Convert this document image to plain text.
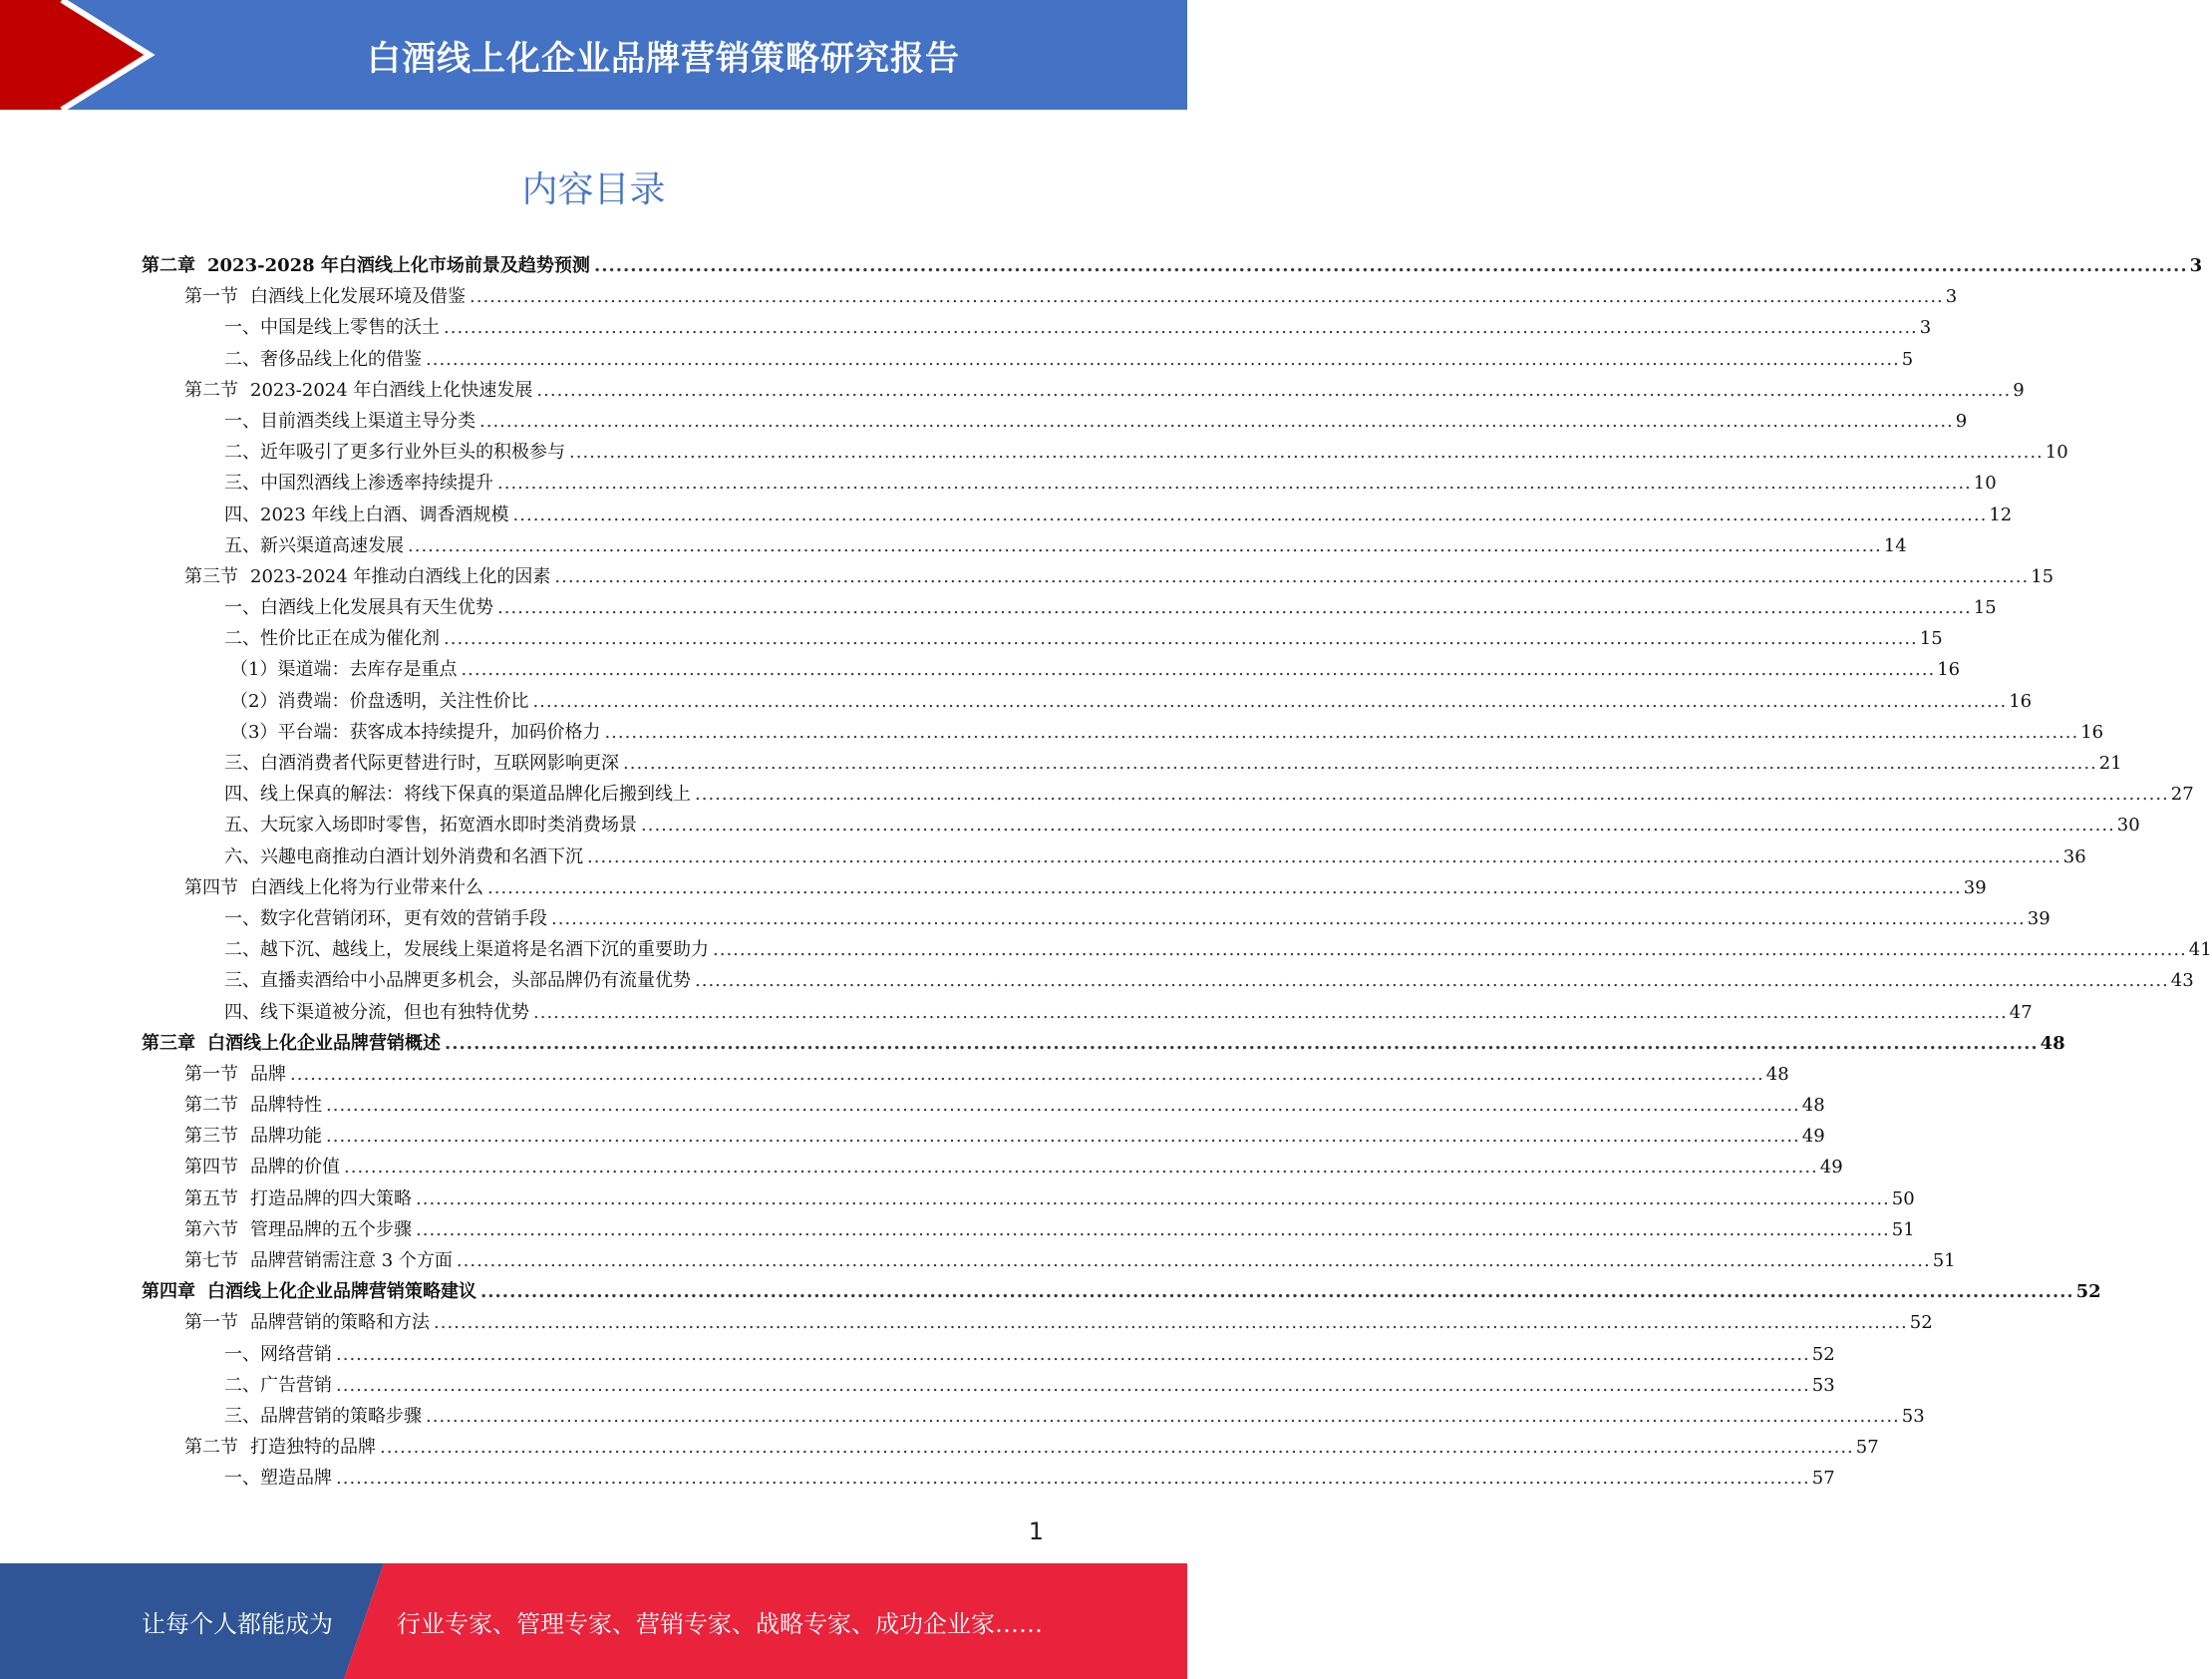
白酒线上化企业品牌营销策略研究报告
内容目录
第二章 2023-2028 年白酒线上化市场前景及趋势预测 ............................................................................................................................................................................................................................ 3
第一节 白酒线上化发展环境及借鉴 ............................................................................................................................................................................................................................ 3
一、中国是线上零售的沃土 ............................................................................................................................................................................................................................ 3
二、奢侈品线上化的借鉴 ............................................................................................................................................................................................................................ 5
第二节 2023-2024 年白酒线上化快速发展 ............................................................................................................................................................................................................................ 9
一、目前酒类线上渠道主导分类 ............................................................................................................................................................................................................................ 9
二、近年吸引了更多行业外巨头的积极参与 ............................................................................................................................................................................................................................ 10
三、中国烈酒线上渗透率持续提升 ............................................................................................................................................................................................................................ 10
四、2023 年线上白酒、调香酒规模 ............................................................................................................................................................................................................................ 12
五、新兴渠道高速发展 ............................................................................................................................................................................................................................ 14
第三节 2023-2024 年推动白酒线上化的因素 ............................................................................................................................................................................................................................ 15
一、白酒线上化发展具有天生优势 ............................................................................................................................................................................................................................ 15
二、性价比正在成为催化剂 ............................................................................................................................................................................................................................ 15
（1）渠道端：去库存是重点 ............................................................................................................................................................................................................................ 16
（2）消费端：价盘透明，关注性价比 ............................................................................................................................................................................................................................ 16
（3）平台端：获客成本持续提升，加码价格力 ............................................................................................................................................................................................................................ 16
三、白酒消费者代际更替进行时，互联网影响更深 ............................................................................................................................................................................................................................ 21
四、线上保真的解法：将线下保真的渠道品牌化后搬到线上 ............................................................................................................................................................................................................................ 27
五、大玩家入场即时零售，拓宽酒水即时类消费场景 ............................................................................................................................................................................................................................ 30
六、兴趣电商推动白酒计划外消费和名酒下沉 ............................................................................................................................................................................................................................ 36
第四节 白酒线上化将为行业带来什么 ............................................................................................................................................................................................................................ 39
一、数字化营销闭环，更有效的营销手段 ............................................................................................................................................................................................................................ 39
二、越下沉、越线上，发展线上渠道将是名酒下沉的重要助力 ............................................................................................................................................................................................................................ 41
三、直播卖酒给中小品牌更多机会，头部品牌仍有流量优势 ............................................................................................................................................................................................................................ 43
四、线下渠道被分流，但也有独特优势 ............................................................................................................................................................................................................................ 47
第三章 白酒线上化企业品牌营销概述 ............................................................................................................................................................................................................................ 48
第一节 品牌 ............................................................................................................................................................................................................................ 48
第二节 品牌特性 ............................................................................................................................................................................................................................ 48
第三节 品牌功能 ............................................................................................................................................................................................................................ 49
第四节 品牌的价值 ............................................................................................................................................................................................................................ 49
第五节 打造品牌的四大策略 ............................................................................................................................................................................................................................ 50
第六节 管理品牌的五个步骤 ............................................................................................................................................................................................................................ 51
第七节 品牌营销需注意 3 个方面 ............................................................................................................................................................................................................................ 51
第四章 白酒线上化企业品牌营销策略建议 ............................................................................................................................................................................................................................ 52
第一节 品牌营销的策略和方法 ............................................................................................................................................................................................................................ 52
一、网络营销 ............................................................................................................................................................................................................................ 52
二、广告营销 ............................................................................................................................................................................................................................ 53
三、品牌营销的策略步骤 ............................................................................................................................................................................................................................ 53
第二节 打造独特的品牌 ............................................................................................................................................................................................................................ 57
一、塑造品牌 ............................................................................................................................................................................................................................ 57
1
让每个人都能成为	行业专家、管理专家、营销专家、战略专家、成功企业家……
